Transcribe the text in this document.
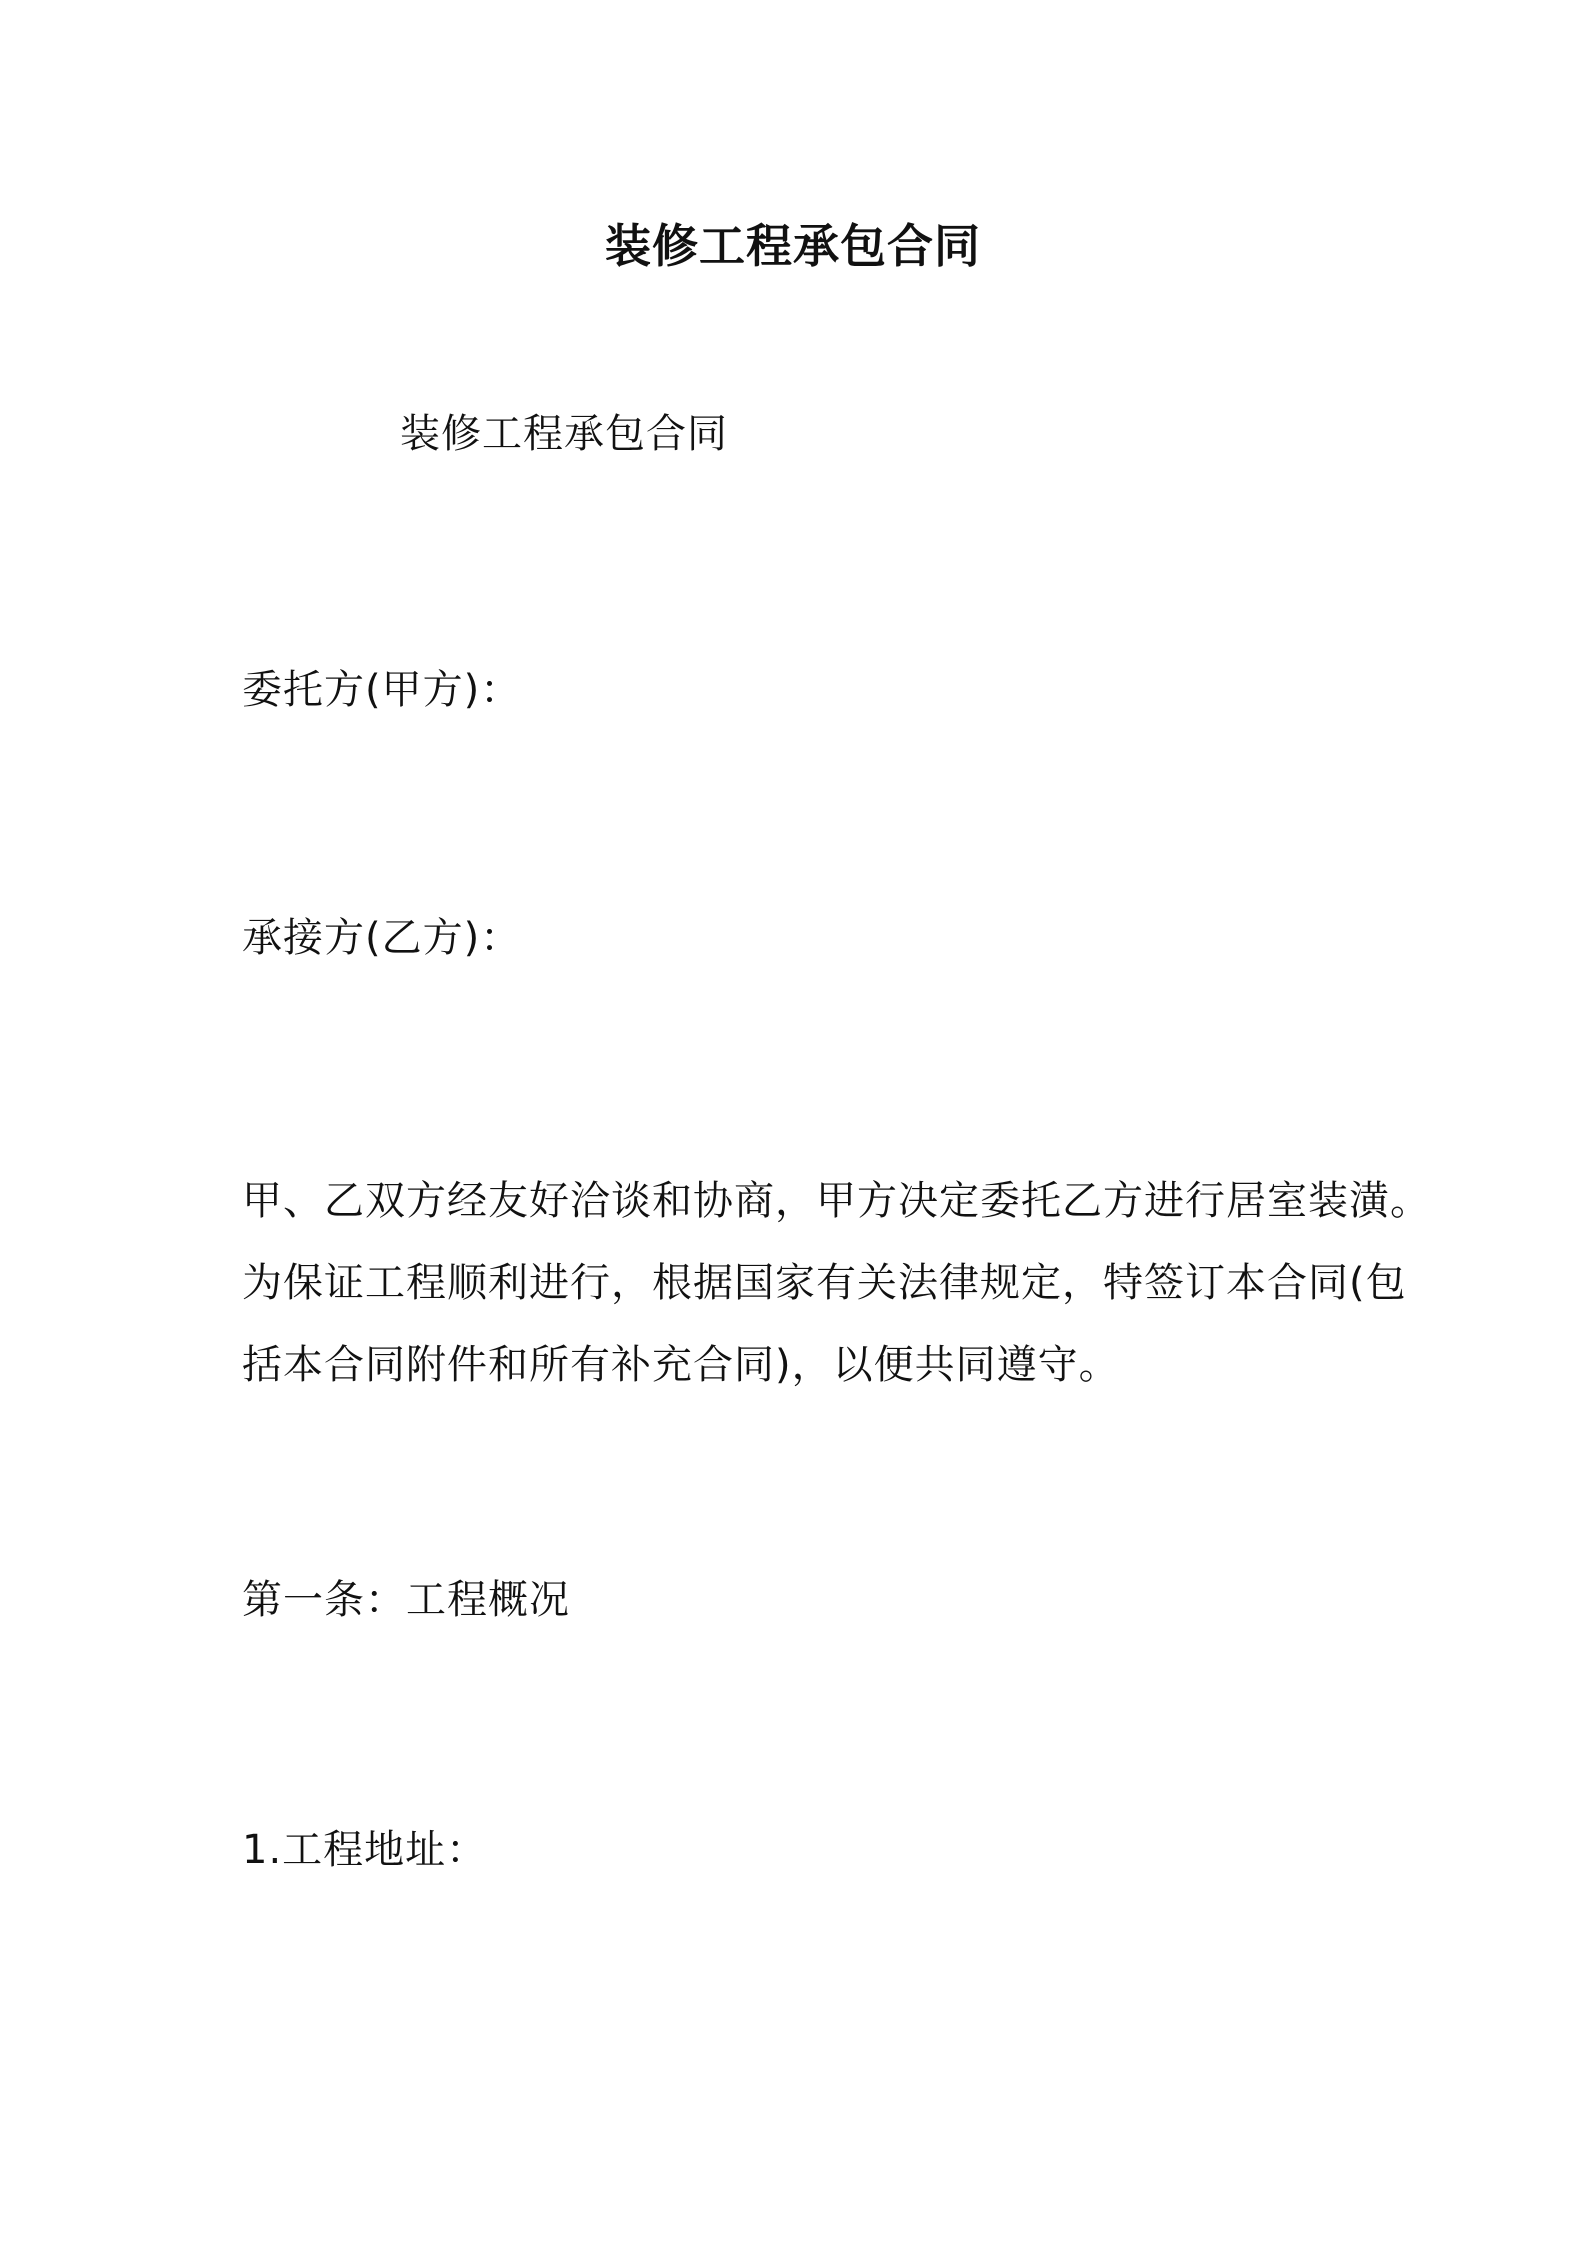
装修工程承包合同
装修工程承包合同
委托方(甲方)：
承接方(乙方)：
甲、乙双方经友好洽谈和协商，甲方决定委托乙方进行居室装潢。
为保证工程顺利进行，根据国家有关法律规定，特签订本合同(包
括本合同附件和所有补充合同)，以便共同遵守。
第一条：工程概况
1.工程地址：
